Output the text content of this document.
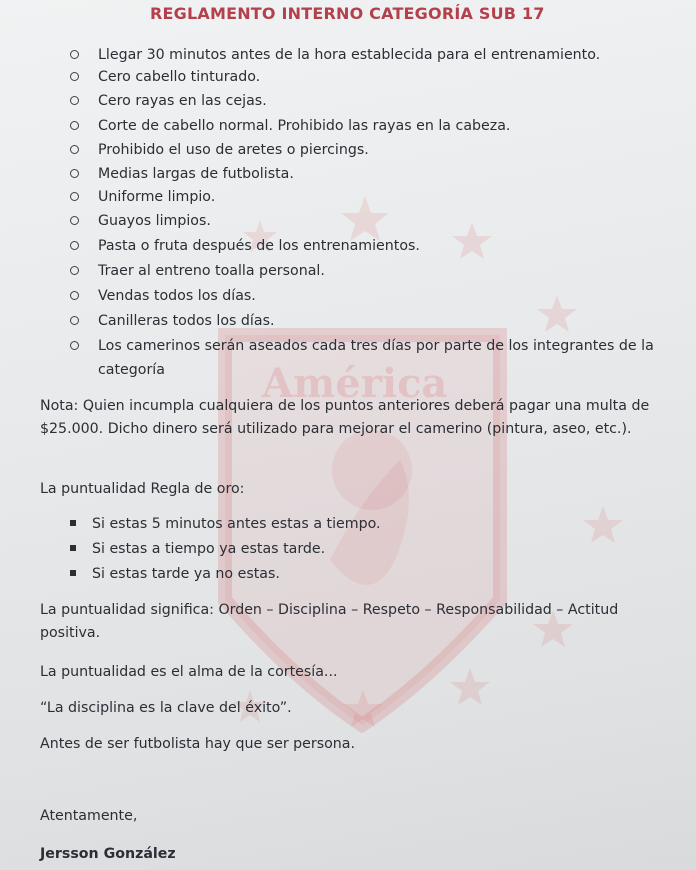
América
REGLAMENTO INTERNO CATEGORÍA SUB 17
Llegar 30 minutos antes de la hora establecida para el entrenamiento.
Cero cabello tinturado.
Cero rayas en las cejas.
Corte de cabello normal. Prohibido las rayas en la cabeza.
Prohibido el uso de aretes o piercings.
Medias largas de futbolista.
Uniforme limpio.
Guayos limpios.
Pasta o fruta después de los entrenamientos.
Traer al entreno toalla personal.
Vendas todos los días.
Canilleras todos los días.
Los camerinos serán aseados cada tres días por parte de los integrantes de la categoría
Nota: Quien incumpla cualquiera de los puntos anteriores deberá pagar una multa de $25.000. Dicho dinero será utilizado para mejorar el camerino (pintura, aseo, etc.).
La puntualidad Regla de oro:
Si estas 5 minutos antes estas a tiempo.
Si estas a tiempo ya estas tarde.
Si estas tarde ya no estas.
La puntualidad significa: Orden – Disciplina – Respeto – Responsabilidad – Actitud positiva.
La puntualidad es el alma de la cortesía...
“La disciplina es la clave del éxito”.
Antes de ser futbolista hay que ser persona.
Atentamente,
Jersson González
